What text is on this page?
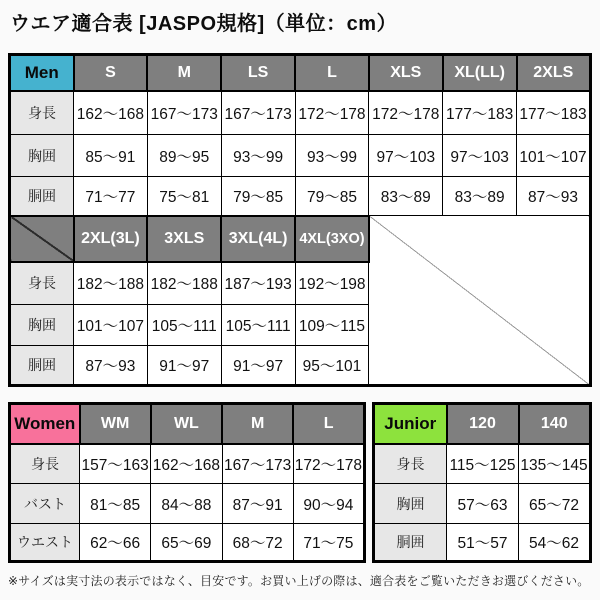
ウエア適合表 [JASPO規格]（単位：cm）
Men	S	M	LS	L	XLS	XL(LL)	2XLS
身長	162～168	167～173	167～173	172～178	172～178	177～183	177～183
胸囲	85～91	89～95	93～99	93～99	97～103	97～103	101～107
胴囲	71～77	75～81	79～85	79～85	83～89	83～89	87～93
	2XL(3L)	3XLS	3XL(4L)	4XL(3XO)			
身長	182～188	182～188	187～193	192～198			
胸囲	101～107	105～111	105～111	109～115			
胴囲	87～93	91～97	91～97	95～101			
Women	WM	WL	M	L
身長	157～163	162～168	167～173	172～178
バスト	81～85	84～88	87～91	90～94
ウエスト	62～66	65～69	68～72	71～75
Junior	120	140
身長	115～125	135～145
胸囲	57～63	65～72
胴囲	51～57	54～62

※サイズは実寸法の表示ではなく、目安です。お買い上げの際は、適合表をご覧いただきお選びください。
